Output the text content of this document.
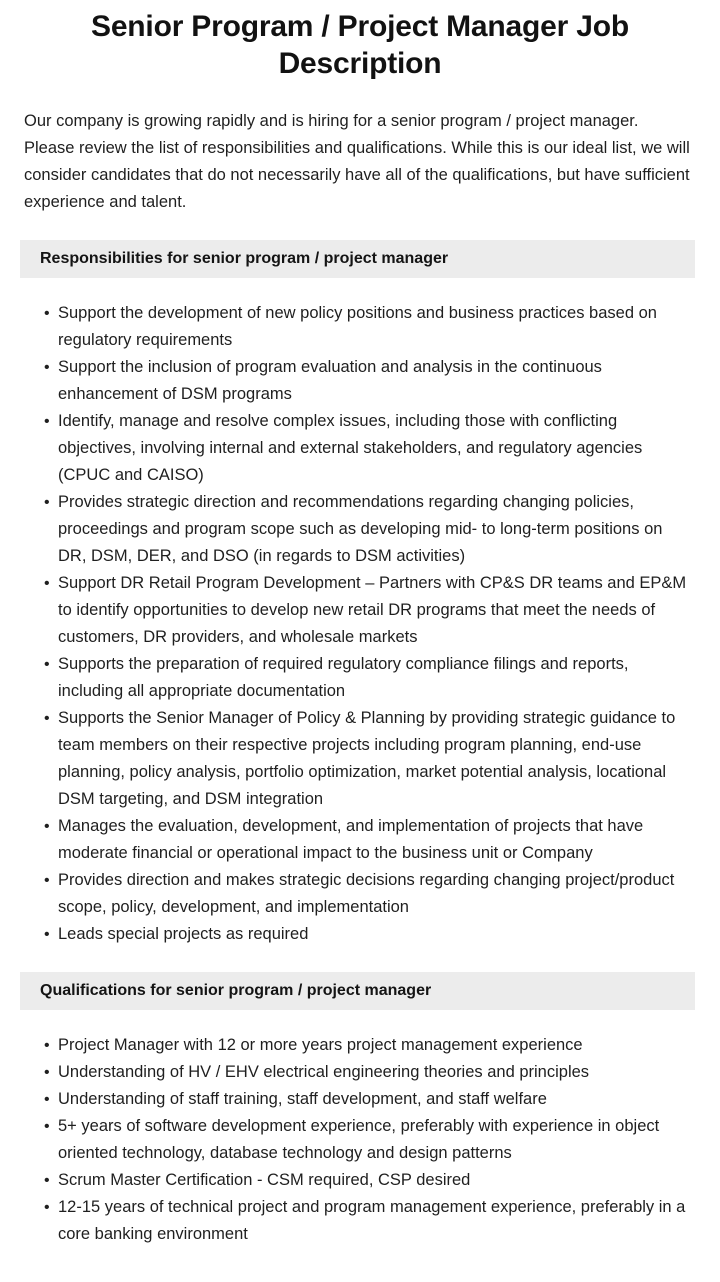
Senior Program / Project Manager Job Description

Our company is growing rapidly and is hiring for a senior program / project manager. Please review the list of responsibilities and qualifications. While this is our ideal list, we will consider candidates that do not necessarily have all of the qualifications, but have sufficient experience and talent.

Responsibilities for senior program / project manager
• Support the development of new policy positions and business practices based on regulatory requirements
• Support the inclusion of program evaluation and analysis in the continuous enhancement of DSM programs
• Identify, manage and resolve complex issues, including those with conflicting objectives, involving internal and external stakeholders, and regulatory agencies (CPUC and CAISO)
• Provides strategic direction and recommendations regarding changing policies, proceedings and program scope such as developing mid- to long-term positions on DR, DSM, DER, and DSO (in regards to DSM activities)
• Support DR Retail Program Development – Partners with CP&S DR teams and EP&M to identify opportunities to develop new retail DR programs that meet the needs of customers, DR providers, and wholesale markets
• Supports the preparation of required regulatory compliance filings and reports, including all appropriate documentation
• Supports the Senior Manager of Policy & Planning by providing strategic guidance to team members on their respective projects including program planning, end-use planning, policy analysis, portfolio optimization, market potential analysis, locational DSM targeting, and DSM integration
• Manages the evaluation, development, and implementation of projects that have moderate financial or operational impact to the business unit or Company
• Provides direction and makes strategic decisions regarding changing project/product scope, policy, development, and implementation
• Leads special projects as required
Qualifications for senior program / project manager
• Project Manager with 12 or more years project management experience
• Understanding of HV / EHV electrical engineering theories and principles
• Understanding of staff training, staff development, and staff welfare
• 5+ years of software development experience, preferably with experience in object oriented technology, database technology and design patterns
• Scrum Master Certification - CSM required, CSP desired
• 12-15 years of technical project and program management experience, preferably in a core banking environment
